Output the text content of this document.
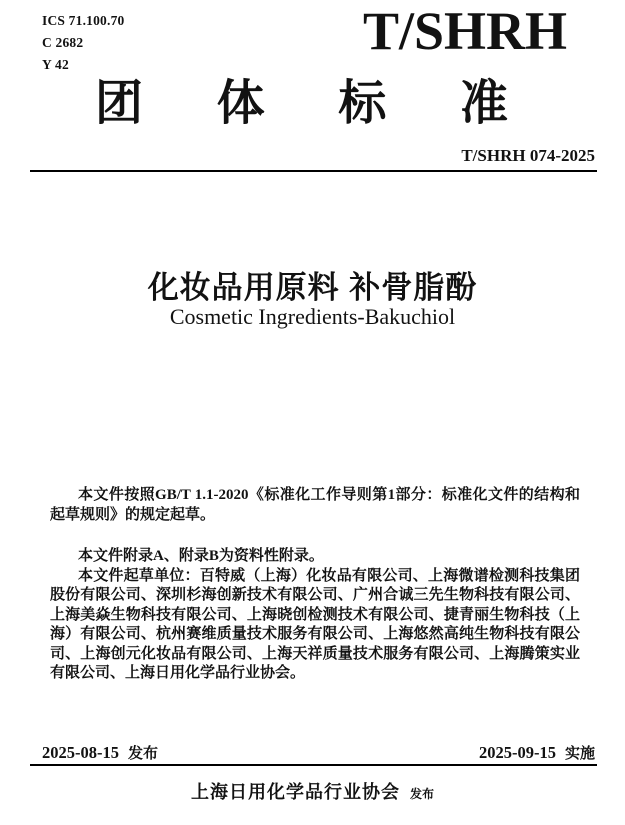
ICS 71.100.70
C 2682
Y 42
T/SHRH
团 体 标 准
T/SHRH 074-2025
化妆品用原料 补骨脂酚
Cosmetic Ingredients-Bakuchiol

本文件按照GB/T 1.1-2020《标准化工作导则第1部分：标准化文件的结构和起草规则》的规定起草。

本文件附录A、附录B为资料性附录。

本文件起草单位：百特威（上海）化妆品有限公司、上海微谱检测科技集团股份有限公司、深圳杉海创新技术有限公司、广州合诚三先生物科技有限公司、上海美焱生物科技有限公司、上海晓创检测技术有限公司、捷青丽生物科技（上海）有限公司、杭州赛维质量技术服务有限公司、上海悠然高纯生物科技有限公司、上海创元化妆品有限公司、上海天祥质量技术服务有限公司、上海腾策实业有限公司、上海日用化学品行业协会。

2025-08-15 发布	2025-09-15 实施
上海日用化学品行业协会 发布
